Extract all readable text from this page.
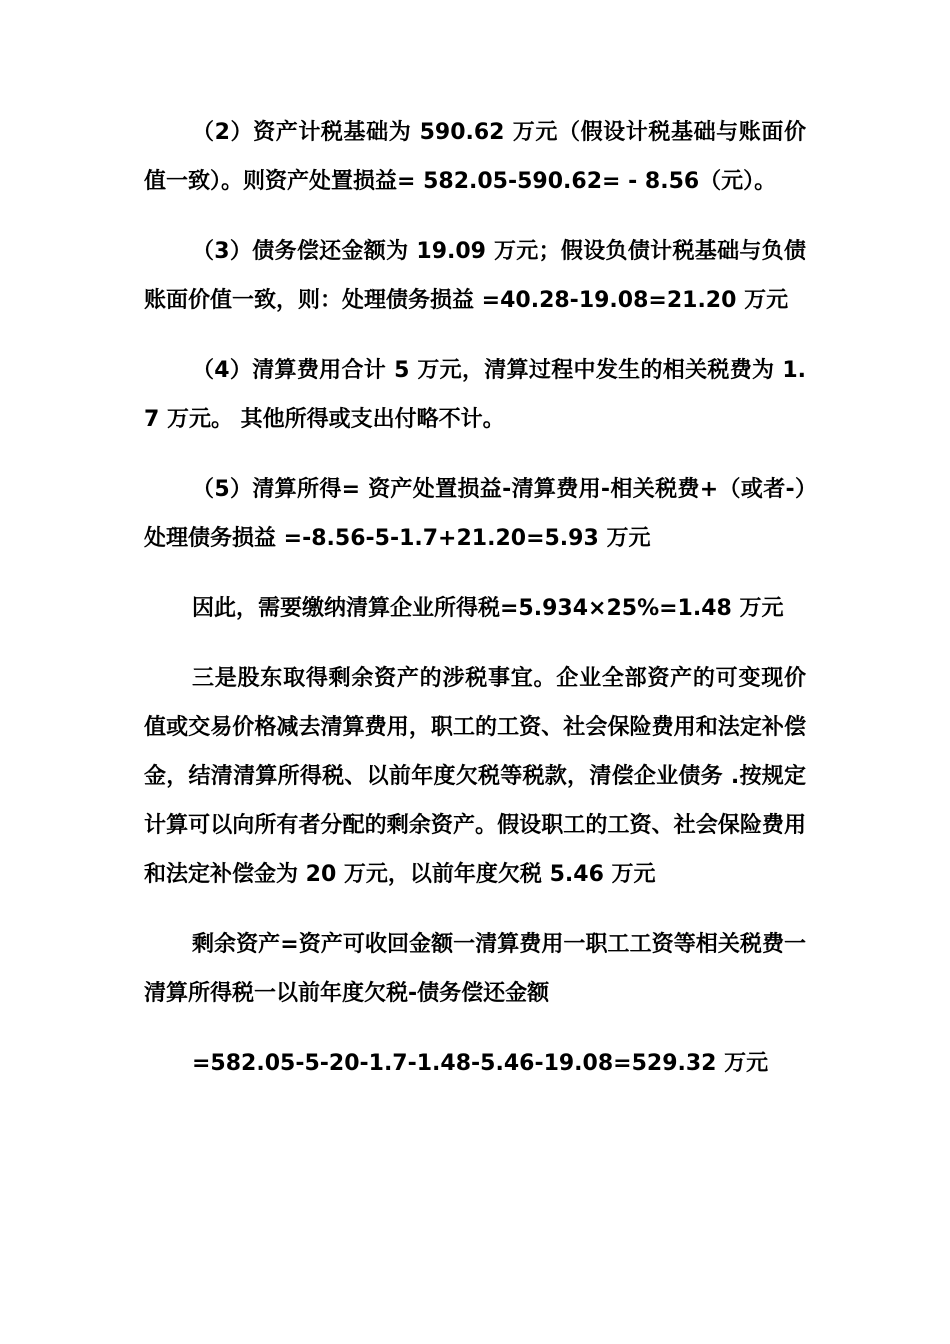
（2）资产计税基础为 590.62 万元（假设计税基础与账面价值一致）。则资产处置损益= 582.05-590.62= - 8.56（元）。

（3）债务偿还金额为 19.09 万元；假设负债计税基础与负债账面价值一致，则：处理债务损益 =40.28-19.08=21.20 万元

（4）清算费用合计 5 万元，清算过程中发生的相关税费为 1.7 万元。 其他所得或支出付略不计。

（5）清算所得= 资产处置损益-清算费用-相关税费+（或者-）处理债务损益 =-8.56-5-1.7+21.20=5.93 万元

因此，需要缴纳清算企业所得税=5.934×25%=1.48 万元

三是股东取得剩余资产的涉税事宜。企业全部资产的可变现价值或交易价格减去清算费用，职工的工资、社会保险费用和法定补偿金，结清清算所得税、以前年度欠税等税款，清偿企业债务 .按规定计算可以向所有者分配的剩余资产。假设职工的工资、社会保险费用和法定补偿金为 20 万元，以前年度欠税 5.46 万元

剩余资产=资产可收回金额一清算费用一职工工资等相关税费一清算所得税一以前年度欠税-债务偿还金额

=582.05-5-20-1.7-1.48-5.46-19.08=529.32 万元
